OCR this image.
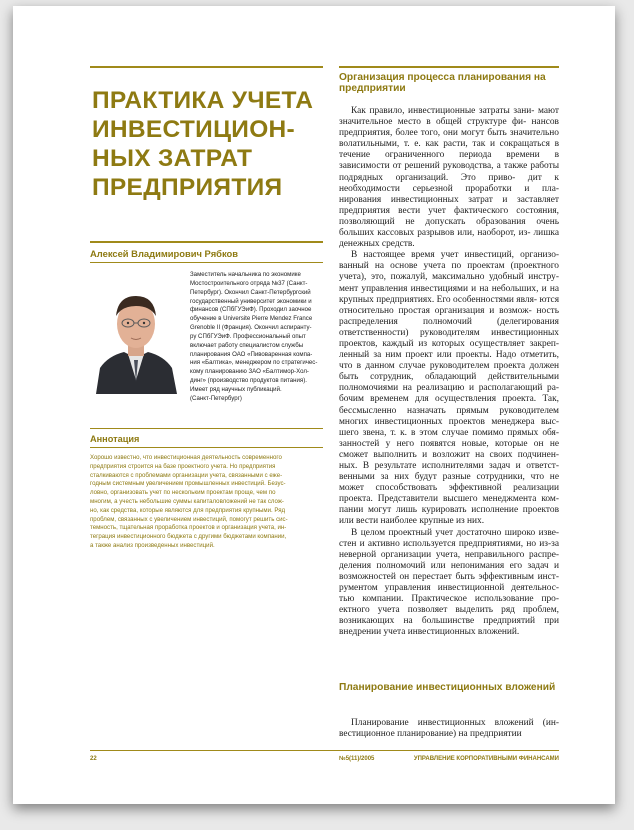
ПРАКТИКА УЧЕТА
ИНВЕСТИЦИОН-
НЫХ ЗАТРАТ
ПРЕДПРИЯТИЯ
Алексей Владимирович Рябков
Заместитель начальника по экономике
Мостостроительного отряда №37 (Санкт-
Петербург). Окончил Санкт-Петербургский
государственный университет экономики и
финансов (СПбГУЭиФ). Проходил заочное
обучение в Universite Pierre Mendez France
Grenoble II (Франция). Окончил аспиранту-
ру СПбГУЭиФ. Профессиональный опыт
включает работу специалистом службы
планирования ОАО «Пивоваренная компа-
ния «Балтика», менеджером по стратегичес-
кому планированию ЗАО «Балтимор-Хол-
динг» (производство продуктов питания).
Имеет ряд научных публикаций.
(Санкт-Петербург)
Аннотация
Хорошо известно, что инвестиционная деятельность современного
предприятия строится на базе проектного учета. Но предприятия
сталкиваются с проблемами организации учета, связанными с еже-
годным системным увеличением промышленных инвестиций. Безус-
ловно, организовать учет по нескольким проектам проще, чем по
многим, а учесть небольшие суммы капиталовложений не так слож-
но, как средства, которые являются для предприятия крупными. Ряд
проблем, связанных с увеличением инвестиций, помогут решить сис-
темность, тщательная проработка проектов и организация учета, ин-
теграция инвестиционного бюджета с другими бюджетами компании,
а также анализ произведенных инвестиций.
Организация процесса планирования на предприятии

Как правило, инвестиционные затраты зани- мают значительное место в общей структуре фи- нансов предприятия, более того, они могут быть значительно волатильными, т. е. как расти, так и сокращаться в течение ограниченного периода времени в зависимости от решений руководства, а также работы подрядных организаций. Это приво- дит к необходимости серьезной проработки и пла- нирования инвестиционных затрат и заставляет предприятия вести учет фактического состояния, позволяющий не допускать образования очень больших кассовых разрывов или, наоборот, из- лишка денежных средств.

В настоящее время учет инвестиций, организо- ванный на основе учета по проектам (проектного учета), это, пожалуй, максимально удобный инстру- мент управления инвестициями и на небольших, и на крупных предприятиях. Его особенностями явля- ются относительно простая организация и возмож- ность распределения полномочий (делегирования ответственности) руководителям инвестиционных проектов, каждый из которых осуществляет закреп- ленный за ним проект или проекты. Надо отметить, что в данном случае руководителем проекта должен быть сотрудник, обладающий действительными полномочиями на реализацию и располагающий ра- бочим временем для осуществления проекта. Так, бессмысленно назначать прямым руководителем многих инвестиционных проектов менеджера выс- шего звена, т. к. в этом случае помимо прямых обя- занностей у него появятся новые, которые он не сможет выполнить и возложит на своих подчинен- ных. В результате исполнителями задач и ответст- венными за них будут разные сотрудники, что не может способствовать эффективной реализации проекта. Представители высшего менеджмента ком- пании могут лишь курировать исполнение проектов или вести наиболее крупные из них.

В целом проектный учет достаточно широко изве- стен и активно используется предприятиями, но из-за неверной организации учета, неправильного распре- деления полномочий или непонимания его задач и возможностей он перестает быть эффективным инст- рументом управления инвестиционной деятельнос- тью компании. Практическое использование про- ектного учета позволяет выделить ряд проблем, возникающих на большинстве предприятий при внедрении учета инвестиционных вложений.

Планирование инвестиционных вложений

Планирование инвестиционных вложений (ин- вестиционное планирование) на предприятии

22	№5(11)/2005	УПРАВЛЕНИЕ КОРПОРАТИВНЫМИ ФИНАНСАМИ
